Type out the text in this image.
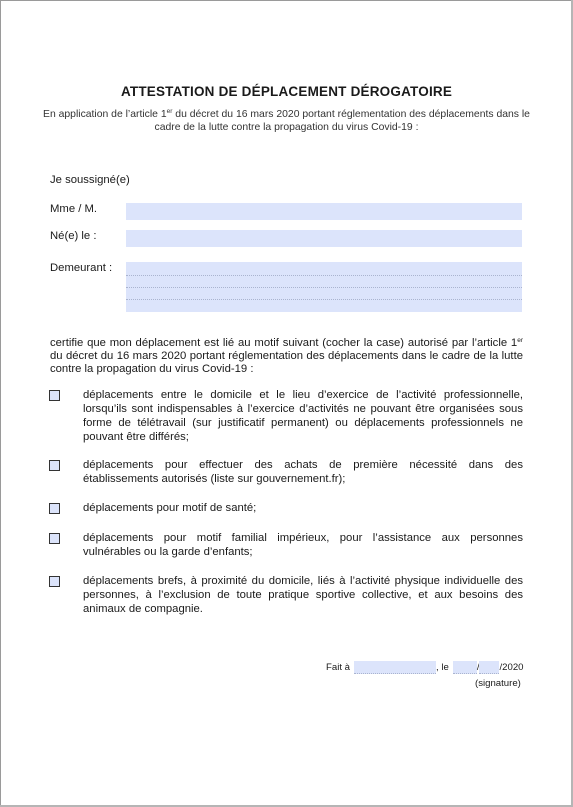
ATTESTATION DE DÉPLACEMENT DÉROGATOIRE
En application de l’article 1er du décret du 16 mars 2020 portant réglementation des déplacements dans le cadre de la lutte contre la propagation du virus Covid-19 :
Je soussigné(e)
Mme / M.
Né(e) le :
Demeurant :
certifie que mon déplacement est lié au motif suivant (cocher la case) autorisé par l’article 1er du décret du 16 mars 2020 portant réglementation des déplacements dans le cadre de la lutte contre la propagation du virus Covid-19 :
déplacements entre le domicile et le lieu d’exercice de l’activité professionnelle, lorsqu’ils sont indispensables à l’exercice d’activités ne pouvant être organisées sous forme de télétravail (sur justificatif permanent) ou déplacements professionnels ne pouvant être différés;
déplacements pour effectuer des achats de première nécessité dans des établissements autorisés (liste sur gouvernement.fr);
déplacements pour motif de santé;
déplacements pour motif familial impérieux, pour l’assistance aux personnes vulnérables ou la garde d’enfants;
déplacements brefs, à proximité du domicile, liés à l’activité physique individuelle des personnes, à l’exclusion de toute pratique sportive collective, et aux besoins des animaux de compagnie.
Fait à	, le	/ /2020
(signature)
